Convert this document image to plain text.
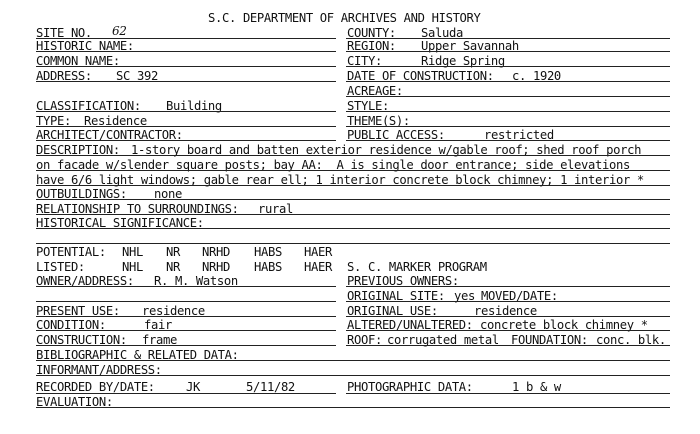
S.C. DEPARTMENT OF ARCHIVES AND HISTORY
SITE NO. 62	COUNTY: Saluda
HISTORIC NAME:	REGION: Upper Savannah
COMMON NAME:	CITY:	Ridge Spring
ADDRESS: SC 392	DATE OF CONSTRUCTION: c. 1920
ACREAGE:
CLASSIFICATION: Building	STYLE:
TYPE: Residence	THEME(S):
ARCHITECT/CONTRACTOR:	PUBLIC ACCESS:	restricted
DESCRIPTION: 1-story board and batten exterior residence w/gable roof; shed roof porch
on facade w/slender square posts; bay AA:  A is single door entrance; side elevations
have 6/6 light windows; gable rear ell; 1 interior concrete block chimney; 1 interior *
OUTBUILDINGS: none
RELATIONSHIP TO SURROUNDINGS: rural
HISTORICAL SIGNIFICANCE:
POTENTIAL: NHL NR NRHD HABS HAER
LISTED:	NHL NR NRHD HABS HAER S. C. MARKER PROGRAM
OWNER/ADDRESS: R. M. Watson	PREVIOUS OWNERS:
ORIGINAL SITE: yes MOVED/DATE:
PRESENT USE: residence	ORIGINAL USE:	residence
CONDITION:	fair	ALTERED/UNALTERED: concrete block chimney *
CONSTRUCTION: frame	ROOF: corrugated metal FOUNDATION: conc. blk.
BIBLIOGRAPHIC & RELATED DATA:
INFORMANT/ADDRESS:
RECORDED BY/DATE:	JK	5/11/82	PHOTOGRAPHIC DATA:	1 b & w
EVALUATION:
